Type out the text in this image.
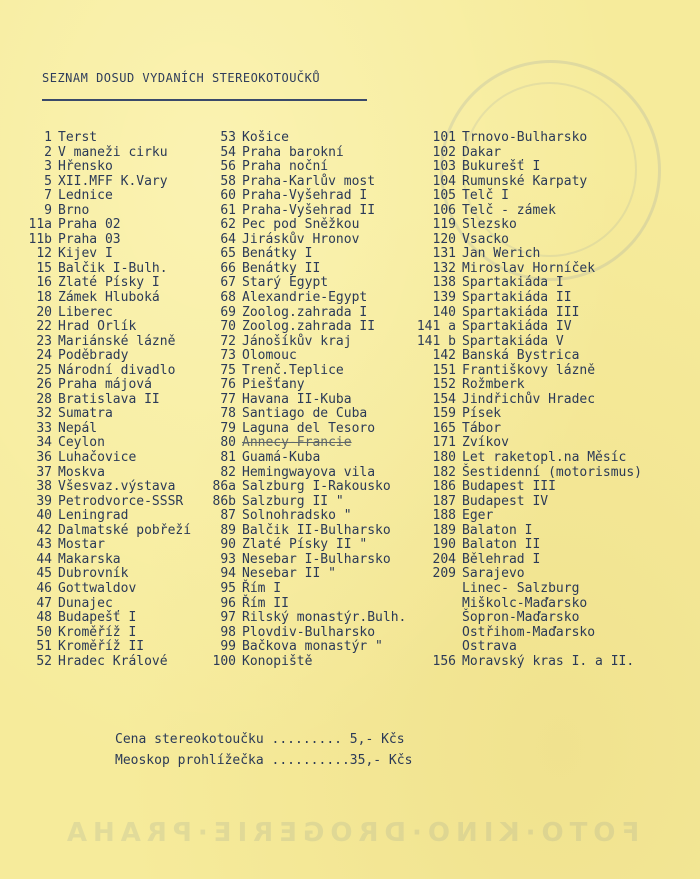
SEZNAM DOSUD VYDANÍCH STEREOKOTOUČKŮ
1 Terst
2 V maneži cirku
3 Hřensko
5 XII.MFF K.Vary
7 Lednice
9 Brno
11a Praha 02
11b Praha 03
12 Kijev I
15 Balčik I-Bulh.
16 Zlaté Písky I
18 Zámek Hluboká
20 Liberec
22 Hrad Orlík
23 Mariánské lázně
24 Poděbrady
25 Národní divadlo
26 Praha májová
28 Bratislava II
32 Sumatra
33 Nepál
34 Ceylon
36 Luhačovice
37 Moskva
38 Všesvaz.výstava
39 Petrodvorce-SSSR
40 Leningrad
42 Dalmatské pobřeží
43 Mostar
44 Makarska
45 Dubrovník
46 Gottwaldov
47 Dunajec
48 Budapešť I
50 Kroměříž I
51 Kroměříž II
52 Hradec Králové
53 Košice
54 Praha barokní
56 Praha noční
58 Praha-Karlův most
60 Praha-Vyšehrad I
61 Praha-Vyšehrad II
62 Pec pod Sněžkou
64 Jiráskův Hronov
65 Benátky I
66 Benátky II
67 Starý Egypt
68 Alexandrie-Egypt
69 Zoolog.zahrada I
70 Zoolog.zahrada II
72 Jánošíkův kraj
73 Olomouc
75 Trenč.Teplice
76 Piešťany
77 Havana II-Kuba
78 Santiago de Cuba
79 Laguna del Tesoro
80 Annecy-Francie
81 Guamá-Kuba
82 Hemingwayova vila
86a Salzburg I-Rakousko
86b Salzburg II "
87 Solnohradsko "
89 Balčik II-Bulharsko
90 Zlaté Písky II "
93 Nesebar I-Bulharsko
94 Nesebar II "
95 Řím I
96 Řím II
97 Rilský monastýr.Bulh.
98 Plovdiv-Bulharsko
99 Bačkova monastýr "
100 Konopiště
101 Trnovo-Bulharsko
102 Dakar
103 Bukurešť I
104 Rumunské Karpaty
105 Telč I
106 Telč - zámek
119 Slezsko
120 Vsacko
131 Jan Werich
132 Miroslav Horníček
138 Spartakiáda I
139 Spartakiáda II
140 Spartakiáda III
141 a Spartakiáda IV
141 b Spartakiáda V
142 Banská Bystrica
151 Františkovy lázně
152 Rožmberk
154 Jindřichův Hradec
159 Písek
165 Tábor
171 Zvíkov
180 Let raketopl.na Měsíc
182 Šestidenní (motorismus)
186 Budapest III
187 Budapest IV
188 Eger
189 Balaton I
190 Balaton II
204 Bělehrad I
209 Sarajevo
Linec- Salzburg
Miškolc-Maďarsko
Šopron-Maďarsko
Ostřihom-Maďarsko
Ostrava
156 Moravský kras I. a II.
Cena stereokotoučku ......... 5,- Kčs
Meoskop prohlížečka ..........35,- Kčs
FOTO·KINO·DROGERIE·PRAHA
